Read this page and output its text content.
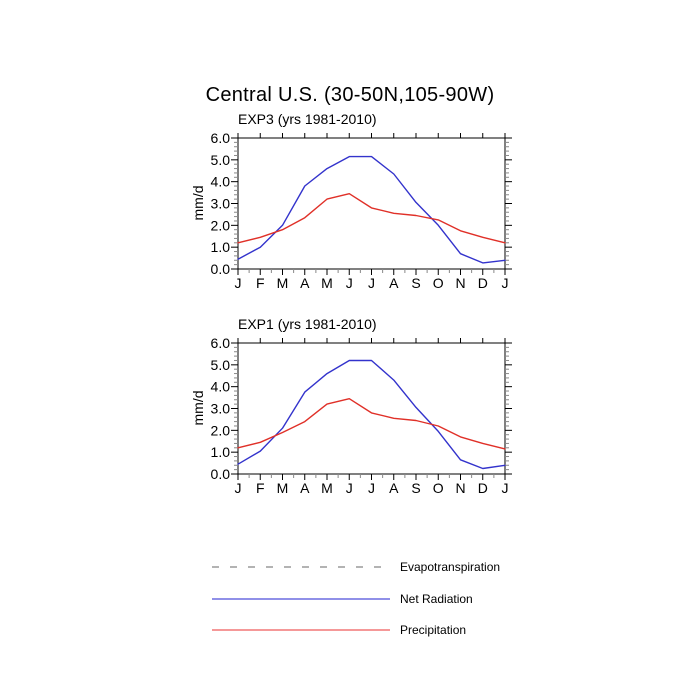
Central U.S. (30-50N,105-90W)
EXP3 (yrs 1981-2010)
mm/d
J F M A M J J A S O N D J
0.0
1.0
2.0
3.0
4.0
5.0
6.0
EXP1 (yrs 1981-2010)
mm/d
J F M A M J J A S O N D J
0.0
1.0
2.0
3.0
4.0
5.0
6.0
Evapotranspiration
Net Radiation
Precipitation
